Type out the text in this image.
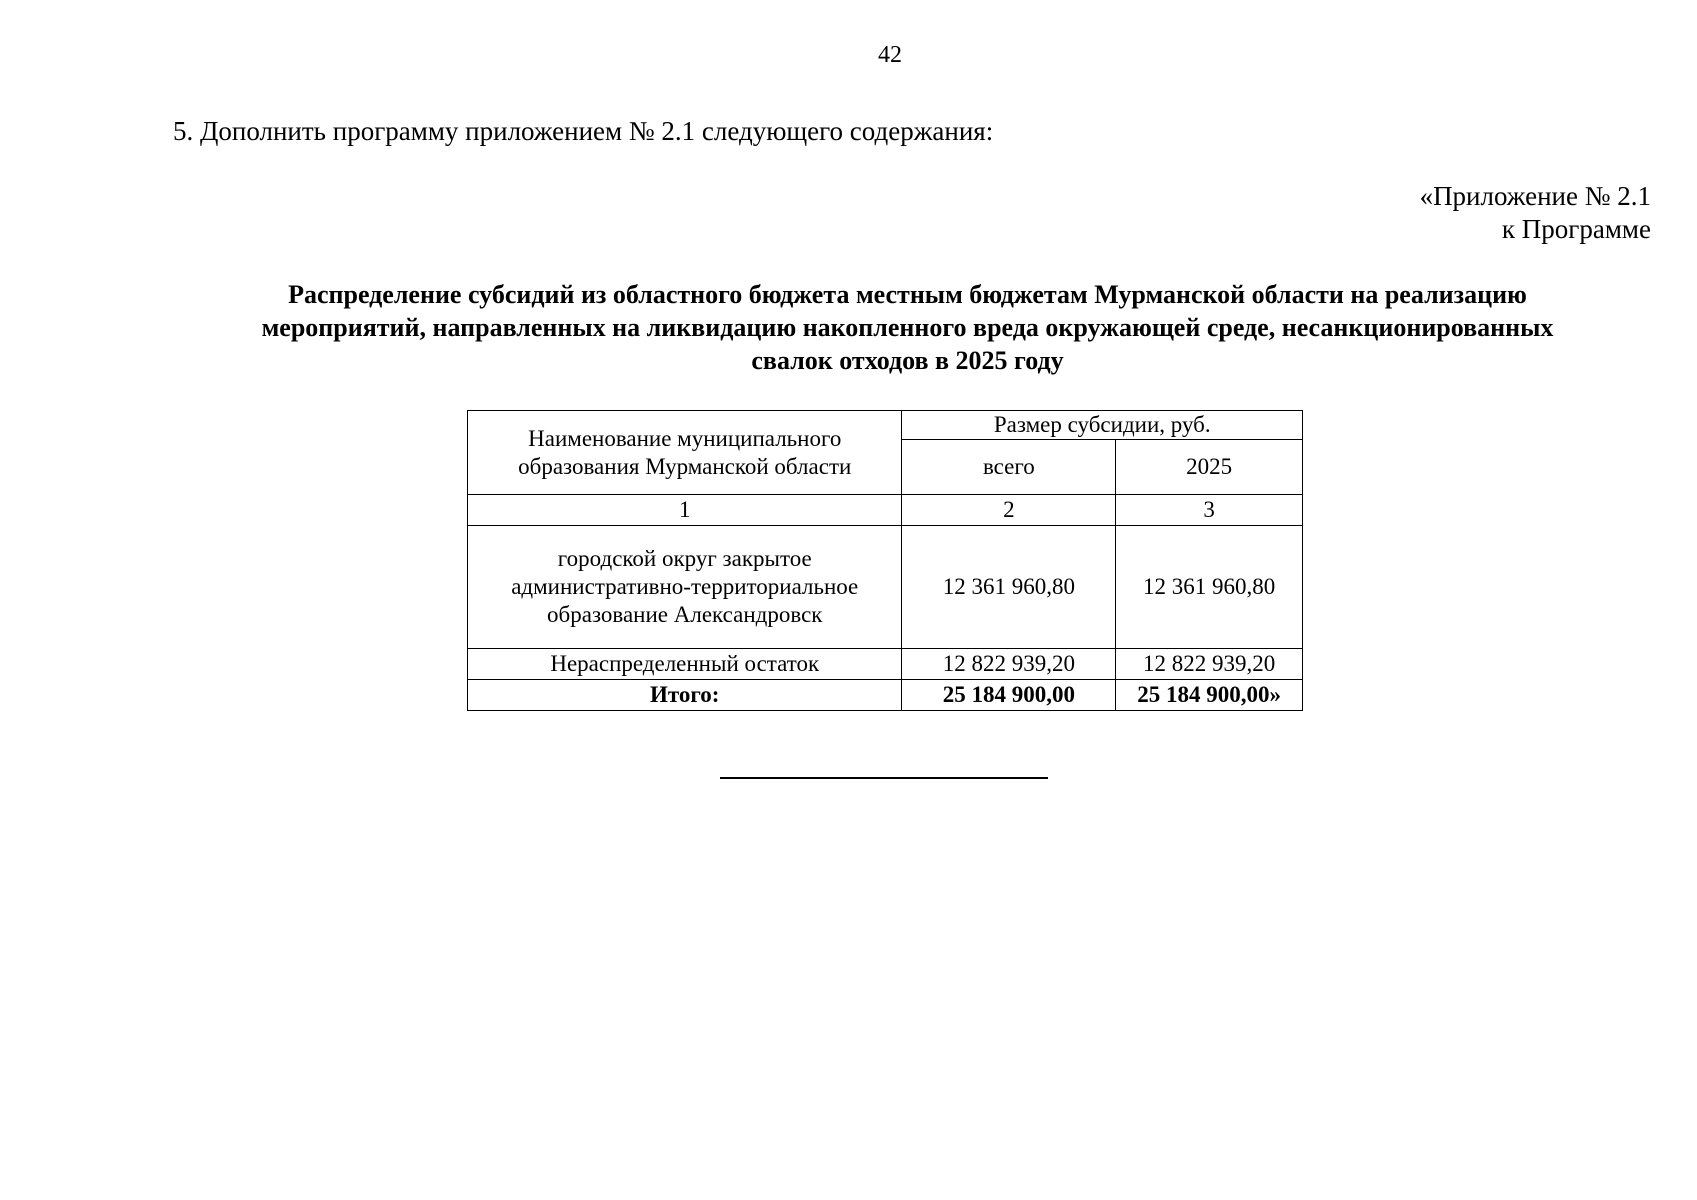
42
5. Дополнить программу приложением № 2.1 следующего содержания:
«Приложение № 2.1
к Программе
Распределение субсидий из областного бюджета местным бюджетам Мурманской области на реализацию
мероприятий, направленных на ликвидацию накопленного вреда окружающей среде, несанкционированных
свалок отходов в 2025 году
Наименование муниципального
образования Мурманской области	Размер субсидии, руб.	
	всего	2025
1	2	3

городской округ закрытое
административно-территориальное
образование Александровск	12 361 960,80	12 361 960,80
Нераспределенный остаток	12 822 939,20	12 822 939,20
Итого:	25 184 900,00	25 184 900,00»
